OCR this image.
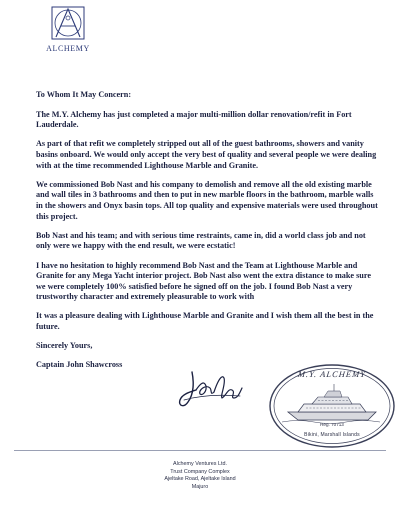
ALCHEMY

To Whom It May Concern:

The M.Y. Alchemy has just completed a major multi-million dollar renovation/refit in Fort Lauderdale.

As part of that refit we completely stripped out all of the guest bathrooms, showers and vanity basins onboard. We would only accept the very best of quality and several people we were dealing with at the time recommended Lighthouse Marble and Granite.

We commissioned Bob Nast and his company to demolish and remove all the old existing marble and wall tiles in 3 bathrooms and then to put in new marble floors in the bathroom, marble walls in the showers and Onyx basin tops. All top quality and expensive materials were used throughout this project.

Bob Nast and his team; and with serious time restraints, came in, did a world class job and not only were we happy with the end result, we were ecstatic!

I have no hesitation to highly recommend Bob Nast and the Team at Lighthouse Marble and Granite for any Mega Yacht interior project. Bob Nast also went the extra distance to make sure we were completely 100% satisfied before he signed off on the job. I found Bob Nast a very trustworthy character and extremely pleasurable to work with

It was a pleasure dealing with Lighthouse Marble and Granite and I wish them all the best in the future.

Sincerely Yours,

Captain John Shawcross

M.Y. ALCHEMY
Reg. 70713
Bikini, Marshall Islands
Alchemy Ventures Ltd.
Trust Company Complex
Ajeltake Road, Ajeltake Island
Majuro
